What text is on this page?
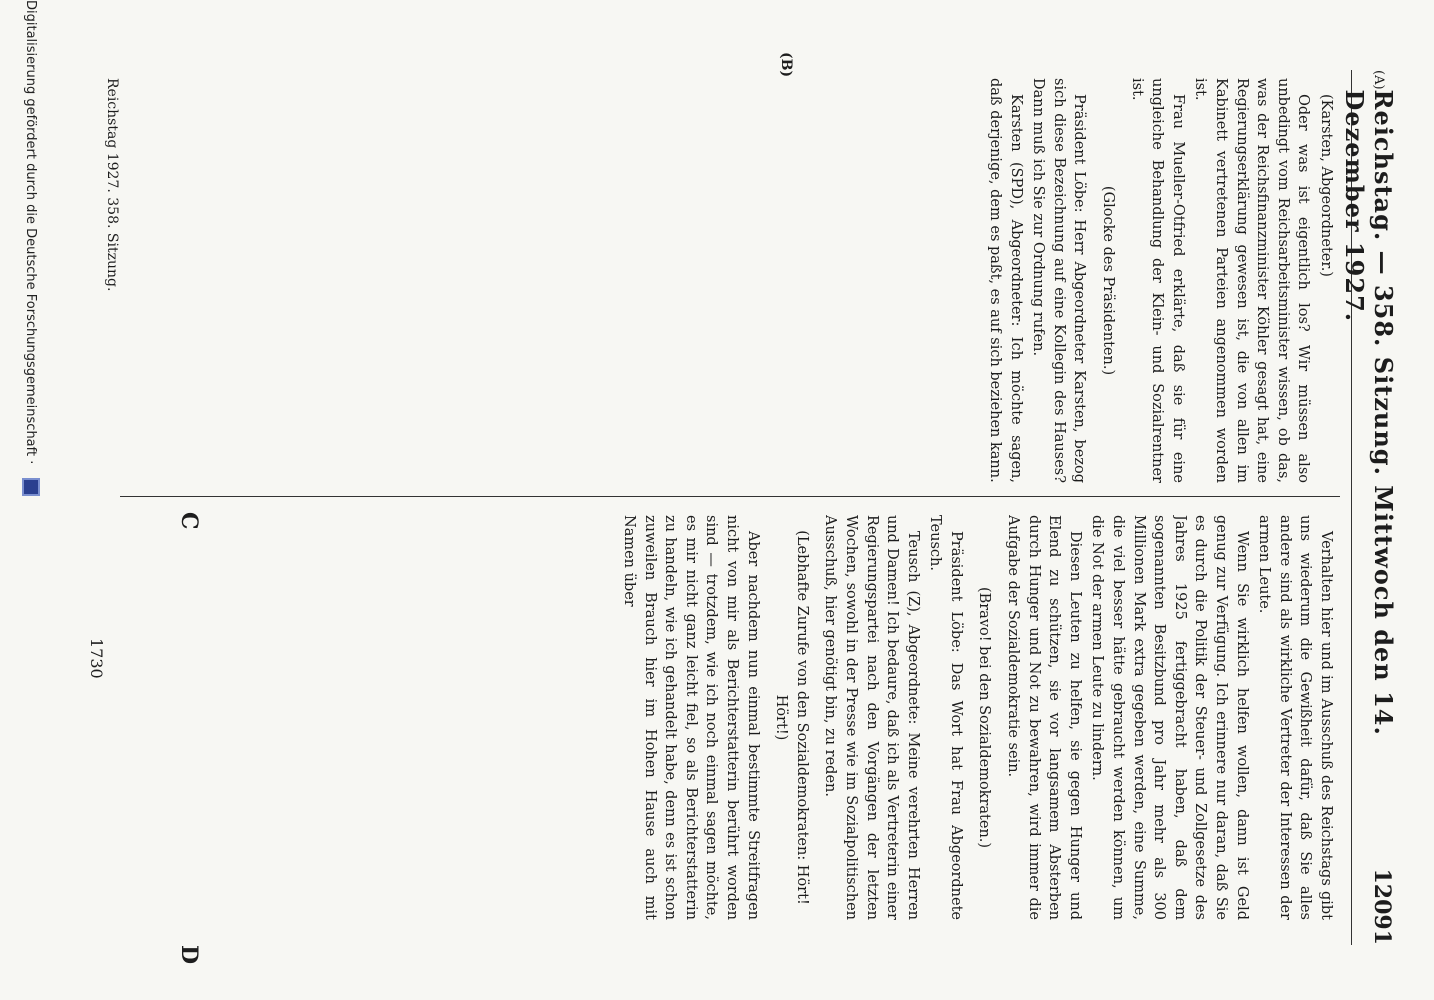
(A)
Reichstag. — 358. Sitzung. Mittwoch den 14. Dezember 1927.
12091
(B)

(Karsten, Abgeordneter.)

Oder was ist eigentlich los? Wir müssen also unbedingt vom Reichsarbeitsminister wissen, ob das, was der Reichsfinanzminister Köhler gesagt hat, eine Regierungserklärung gewesen ist, die von allen im Kabinett vertretenen Parteien angenommen worden ist.

Frau Mueller-Otfried erklärte, daß sie für eine ungleiche Behandlung der Klein- und Sozialrentner ist.

(Glocke des Präsidenten.)

Präsident Löbe: Herr Abgeordneter Karsten, bezog sich diese Bezeichnung auf eine Kollegin des Hauses? Dann muß ich Sie zur Ordnung rufen.

Karsten (SPD), Abgeordneter: Ich möchte sagen, daß derjenige, dem es paßt, es auf sich beziehen kann.

Verhalten hier und im Ausschuß des Reichstags gibt uns wiederum die Gewißheit dafür, daß Sie alles andere sind als wirkliche Vertreter der Interessen der armen Leute.

Wenn Sie wirklich helfen wollen, dann ist Geld genug zur Verfügung. Ich erinnere nur daran, daß Sie es durch die Politik der Steuer- und Zollgesetze des Jahres 1925 fertiggebracht haben, daß dem sogenannten Besitzbund pro Jahr mehr als 300 Millionen Mark extra gegeben werden, eine Summe, die viel besser hätte gebraucht werden können, um die Not der armen Leute zu lindern.

Diesen Leuten zu helfen, sie gegen Hunger und Elend zu schützen, sie vor langsamem Absterben durch Hunger und Not zu bewahren, wird immer die Aufgabe der Sozialdemokratie sein.

(Bravo! bei den Sozialdemokraten.)

Präsident Löbe: Das Wort hat Frau Abgeordnete Teusch.

Teusch (Z), Abgeordnete: Meine verehrten Herren und Damen! Ich bedaure, daß ich als Vertreterin einer Regierungspartei nach den Vorgängen der letzten Wochen, sowohl in der Presse wie im Sozialpolitischen Ausschuß, hier genötigt bin, zu reden.

(Lebhafte Zurufe von den Sozialdemokraten: Hört! Hört!)

Aber nachdem nun einmal bestimmte Streitfragen nicht von mir als Berichterstatterin berührt worden sind — trotzdem, wie ich noch einmal sagen möchte, es mir nicht ganz leicht fiel, so als Berichterstatterin zu handeln, wie ich gehandelt habe, denn es ist schon zuweilen Brauch hier im Hohen Hause auch mit Namen über

C
D
Reichstag 1927. 358. Sitzung.
1730
Digitalisierung gefördert durch die Deutsche Forschungsgemeinschaft ·
